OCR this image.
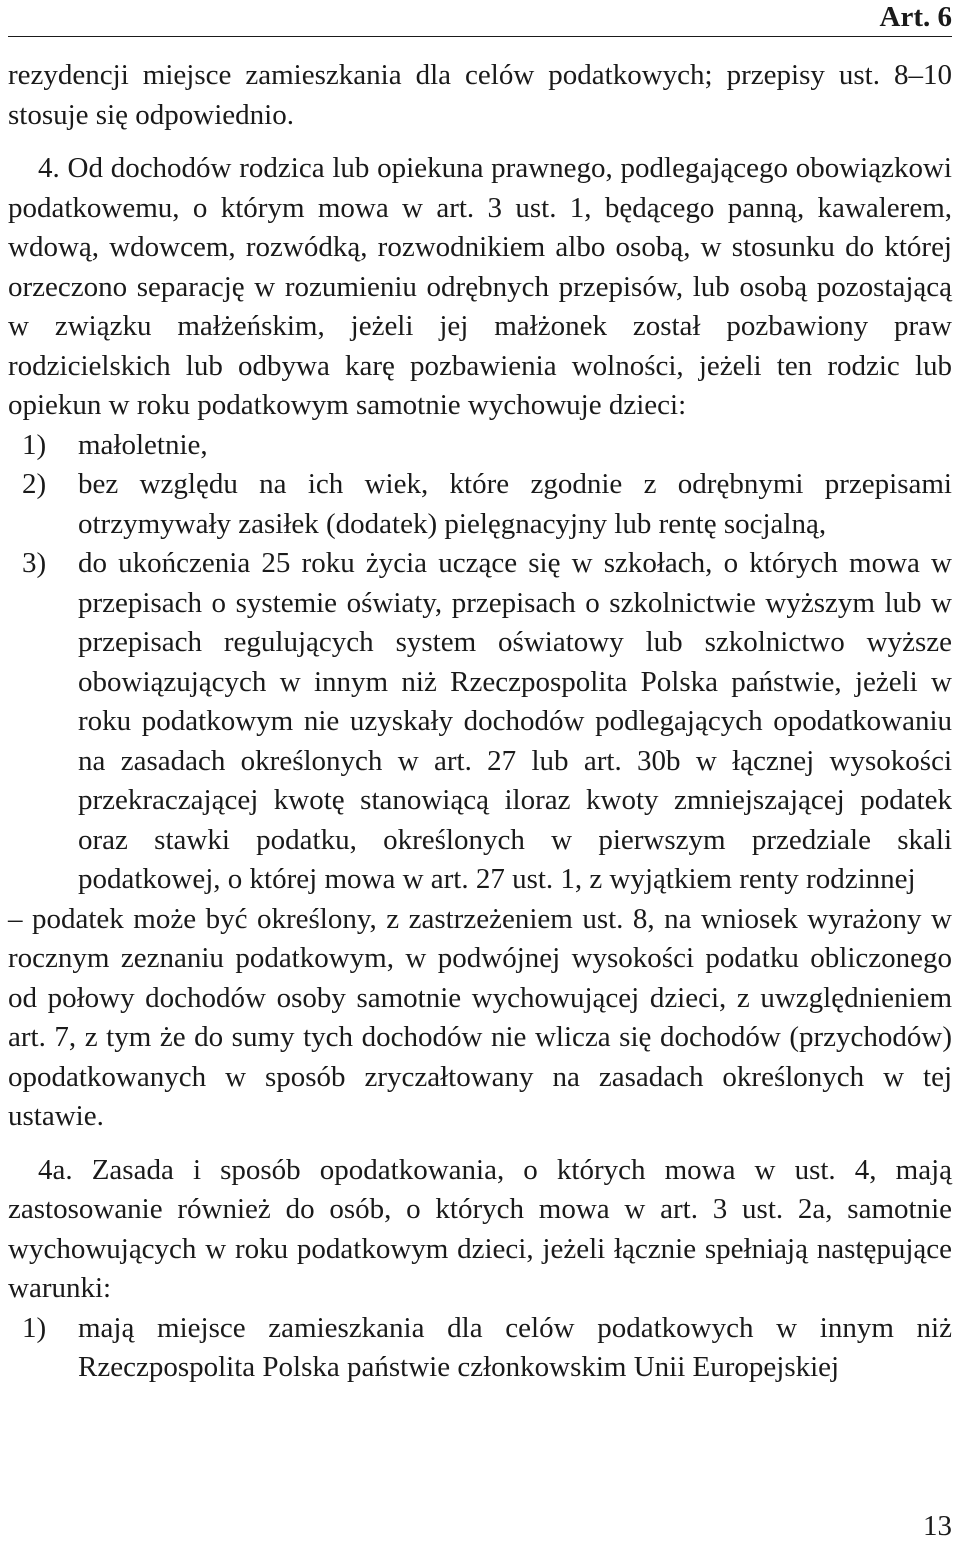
Art. 6

rezydencji miejsce zamieszkania dla celów podatkowych; przepisy ust. 8–10 stosuje się odpowiednio.

4. Od dochodów rodzica lub opiekuna prawnego, podlegającego obowiązkowi podatkowemu, o którym mowa w art. 3 ust. 1, będącego panną, kawalerem, wdową, wdowcem, rozwódką, rozwodnikiem albo osobą, w stosunku do której orzeczono separację w rozumieniu odrębnych przepisów, lub osobą pozostającą w związku małżeńskim, jeżeli jej małżonek został pozbawiony praw rodzicielskich lub odbywa karę pozbawienia wolności, jeżeli ten rodzic lub opiekun w roku podatkowym samotnie wychowuje dzieci:

1)	małoletnie,
2)	bez względu na ich wiek, które zgodnie z odrębnymi przepisami otrzymywały zasiłek (dodatek) pielęgnacyjny lub rentę socjalną,
3)	do ukończenia 25 roku życia uczące się w szkołach, o których mowa w przepisach o systemie oświaty, przepisach o szkolnictwie wyższym lub w przepisach regulujących system oświatowy lub szkolnictwo wyższe obowiązujących w innym niż Rzeczpospolita Polska państwie, jeżeli w roku podatkowym nie uzyskały dochodów podlegających opodatkowaniu na zasadach określonych w art. 27 lub art. 30b w łącznej wysokości przekraczającej kwotę stanowiącą iloraz kwoty zmniejszającej podatek oraz stawki podatku, określonych w pierwszym przedziale skali podatkowej, o której mowa w art. 27 ust. 1, z wyjątkiem renty rodzinnej

– podatek może być określony, z zastrzeżeniem ust. 8, na wniosek wyrażony w rocznym zeznaniu podatkowym, w podwójnej wysokości podatku obliczonego od połowy dochodów osoby samotnie wychowującej dzieci, z uwzględnieniem art. 7, z tym że do sumy tych dochodów nie wlicza się dochodów (przychodów) opodatkowanych w sposób zryczałtowany na zasadach określonych w tej ustawie.

4a. Zasada i sposób opodatkowania, o których mowa w ust. 4, mają zastosowanie również do osób, o których mowa w art. 3 ust. 2a, samotnie wychowujących w roku podatkowym dzieci, jeżeli łącznie spełniają następujące warunki:

1)	mają miejsce zamieszkania dla celów podatkowych w innym niż Rzeczpospolita Polska państwie członkowskim Unii Europejskiej
13
